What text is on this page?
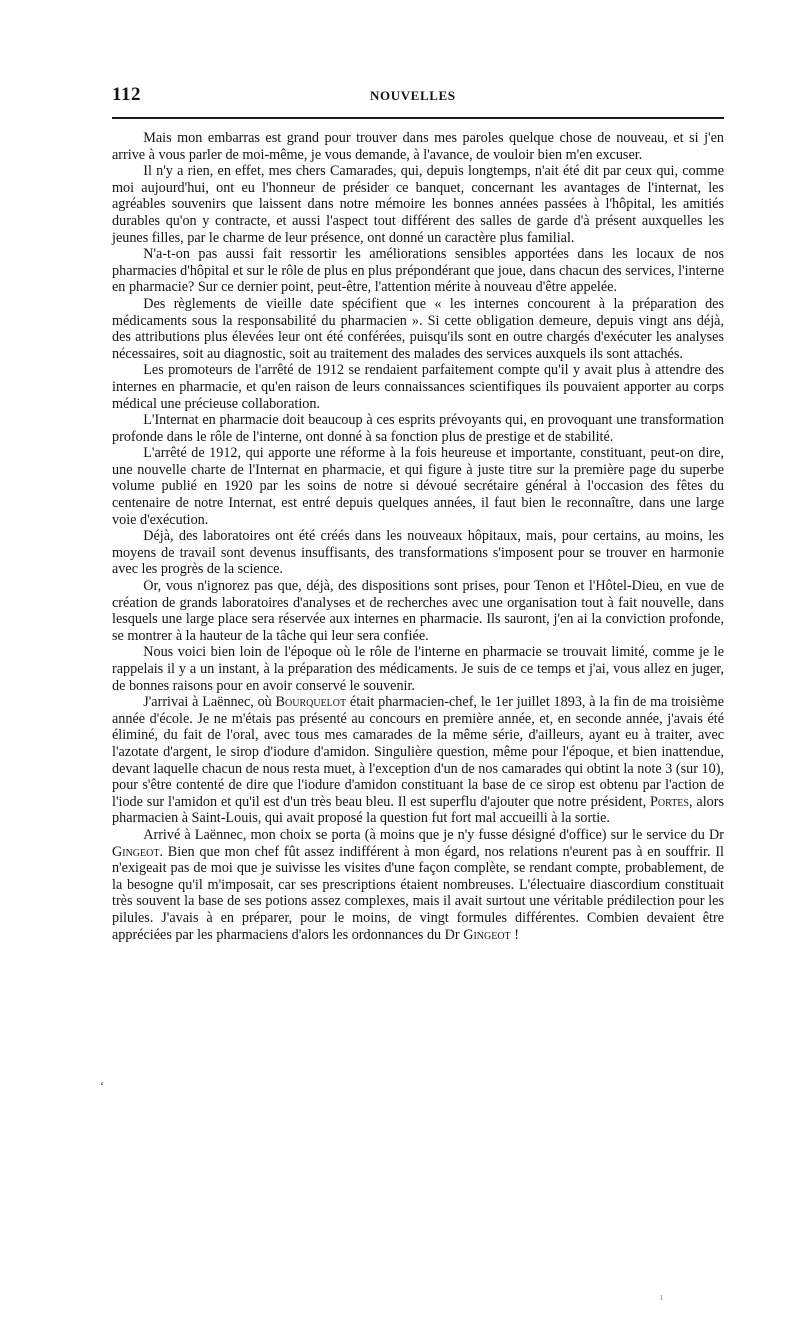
112	NOUVELLES

Mais mon embarras est grand pour trouver dans mes paroles quelque chose de nouveau, et si j'en arrive à vous parler de moi-même, je vous demande, à l'avance, de vouloir bien m'en excuser.

Il n'y a rien, en effet, mes chers Camarades, qui, depuis longtemps, n'ait été dit par ceux qui, comme moi aujourd'hui, ont eu l'honneur de présider ce banquet, concernant les avantages de l'internat, les agréables souvenirs que laissent dans notre mémoire les bonnes années passées à l'hôpital, les amitiés durables qu'on y contracte, et aussi l'aspect tout différent des salles de garde d'à présent auxquelles les jeunes filles, par le charme de leur présence, ont donné un caractère plus familial.

N'a-t-on pas aussi fait ressortir les améliorations sensibles apportées dans les locaux de nos pharmacies d'hôpital et sur le rôle de plus en plus prépondérant que joue, dans chacun des services, l'interne en pharmacie? Sur ce dernier point, peut-être, l'attention mérite à nouveau d'être appelée.

Des règlements de vieille date spécifient que « les internes concourent à la préparation des médicaments sous la responsabilité du pharmacien ». Si cette obligation demeure, depuis vingt ans déjà, des attributions plus élevées leur ont été conférées, puisqu'ils sont en outre chargés d'exécuter les analyses nécessaires, soit au diagnostic, soit au traitement des malades des services auxquels ils sont attachés.

Les promoteurs de l'arrêté de 1912 se rendaient parfaitement compte qu'il y avait plus à attendre des internes en pharmacie, et qu'en raison de leurs connaissances scientifiques ils pouvaient apporter au corps médical une précieuse collaboration.

L'Internat en pharmacie doit beaucoup à ces esprits prévoyants qui, en provoquant une transformation profonde dans le rôle de l'interne, ont donné à sa fonction plus de prestige et de stabilité.

L'arrêté de 1912, qui apporte une réforme à la fois heureuse et importante, constituant, peut-on dire, une nouvelle charte de l'Internat en pharmacie, et qui figure à juste titre sur la première page du superbe volume publié en 1920 par les soins de notre si dévoué secrétaire général à l'occasion des fêtes du centenaire de notre Internat, est entré depuis quelques années, il faut bien le reconnaître, dans une large voie d'exécution.

Déjà, des laboratoires ont été créés dans les nouveaux hôpitaux, mais, pour certains, au moins, les moyens de travail sont devenus insuffisants, des transformations s'imposent pour se trouver en harmonie avec les progrès de la science.

Or, vous n'ignorez pas que, déjà, des dispositions sont prises, pour Tenon et l'Hôtel-Dieu, en vue de création de grands laboratoires d'analyses et de recherches avec une organisation tout à fait nouvelle, dans lesquels une large place sera réservée aux internes en pharmacie. Ils sauront, j'en ai la conviction profonde, se montrer à la hauteur de la tâche qui leur sera confiée.

Nous voici bien loin de l'époque où le rôle de l'interne en pharmacie se trouvait limité, comme je le rappelais il y a un instant, à la préparation des médicaments. Je suis de ce temps et j'ai, vous allez en juger, de bonnes raisons pour en avoir conservé le souvenir.

J'arrivai à Laënnec, où Bourquelot était pharmacien-chef, le 1er juillet 1893, à la fin de ma troisième année d'école. Je ne m'étais pas présenté au concours en première année, et, en seconde année, j'avais été éliminé, du fait de l'oral, avec tous mes camarades de la même série, d'ailleurs, ayant eu à traiter, avec l'azotate d'argent, le sirop d'iodure d'amidon. Singulière question, même pour l'époque, et bien inattendue, devant laquelle chacun de nous resta muet, à l'exception d'un de nos camarades qui obtint la note 3 (sur 10), pour s'être contenté de dire que l'iodure d'amidon constituant la base de ce sirop est obtenu par l'action de l'iode sur l'amidon et qu'il est d'un très beau bleu. Il est superflu d'ajouter que notre président, Portes, alors pharmacien à Saint-Louis, qui avait proposé la question fut fort mal accueilli à la sortie.

Arrivé à Laënnec, mon choix se porta (à moins que je n'y fusse désigné d'office) sur le service du Dr Gingeot. Bien que mon chef fût assez indifférent à mon égard, nos relations n'eurent pas à en souffrir. Il n'exigeait pas de moi que je suivisse les visites d'une façon complète, se rendant compte, probablement, de la besogne qu'il m'imposait, car ses prescriptions étaient nombreuses. L'électuaire diascordium constituait très souvent la base de ses potions assez complexes, mais il avait surtout une véritable prédilection pour les pilules. J'avais à en préparer, pour le moins, de vingt formules différentes. Combien devaient être appréciées par les pharmaciens d'alors les ordonnances du Dr Gingeot !

‘
ı
